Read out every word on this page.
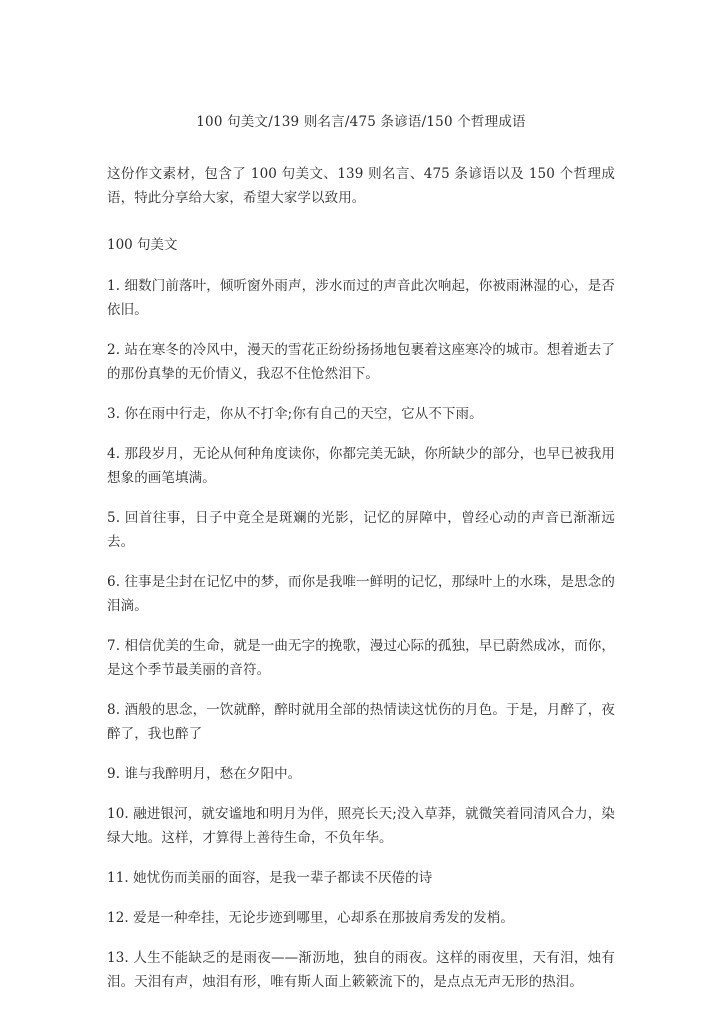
100 句美文/139 则名言/475 条谚语/150 个哲理成语

这份作文素材，包含了 100 句美文、139 则名言、475 条谚语以及 150 个哲理成语，特此分享给大家，希望大家学以致用。

100 句美文

1. 细数门前落叶，倾听窗外雨声，涉水而过的声音此次响起，你被雨淋湿的心，是否依旧。

2. 站在寒冬的冷风中，漫天的雪花正纷纷扬扬地包裹着这座寒冷的城市。想着逝去了的那份真挚的无价情义，我忍不住怆然泪下。

3. 你在雨中行走，你从不打伞;你有自己的天空，它从不下雨。

4. 那段岁月，无论从何种角度读你，你都完美无缺，你所缺少的部分，也早已被我用想象的画笔填满。

5. 回首往事，日子中竟全是斑斓的光影，记忆的屏障中，曾经心动的声音已渐渐远去。

6. 往事是尘封在记忆中的梦，而你是我唯一鲜明的记忆，那绿叶上的水珠，是思念的泪滴。

7. 相信优美的生命，就是一曲无字的挽歌，漫过心际的孤独，早已蔚然成冰，而你，是这个季节最美丽的音符。

8. 酒般的思念，一饮就醉，醉时就用全部的热情读这忧伤的月色。于是，月醉了，夜醉了，我也醉了

9. 谁与我醉明月，愁在夕阳中。

10. 融进银河，就安谧地和明月为伴，照亮长天;没入草莽，就微笑着同清风合力，染绿大地。这样，才算得上善待生命，不负年华。

11. 她忧伤而美丽的面容，是我一辈子都读不厌倦的诗

12. 爱是一种牵挂，无论步迹到哪里，心却系在那披肩秀发的发梢。

13. 人生不能缺乏的是雨夜——渐沥地，独自的雨夜。这样的雨夜里，天有泪，烛有泪。天泪有声，烛泪有形，唯有斯人面上簌簌流下的，是点点无声无形的热泪。
